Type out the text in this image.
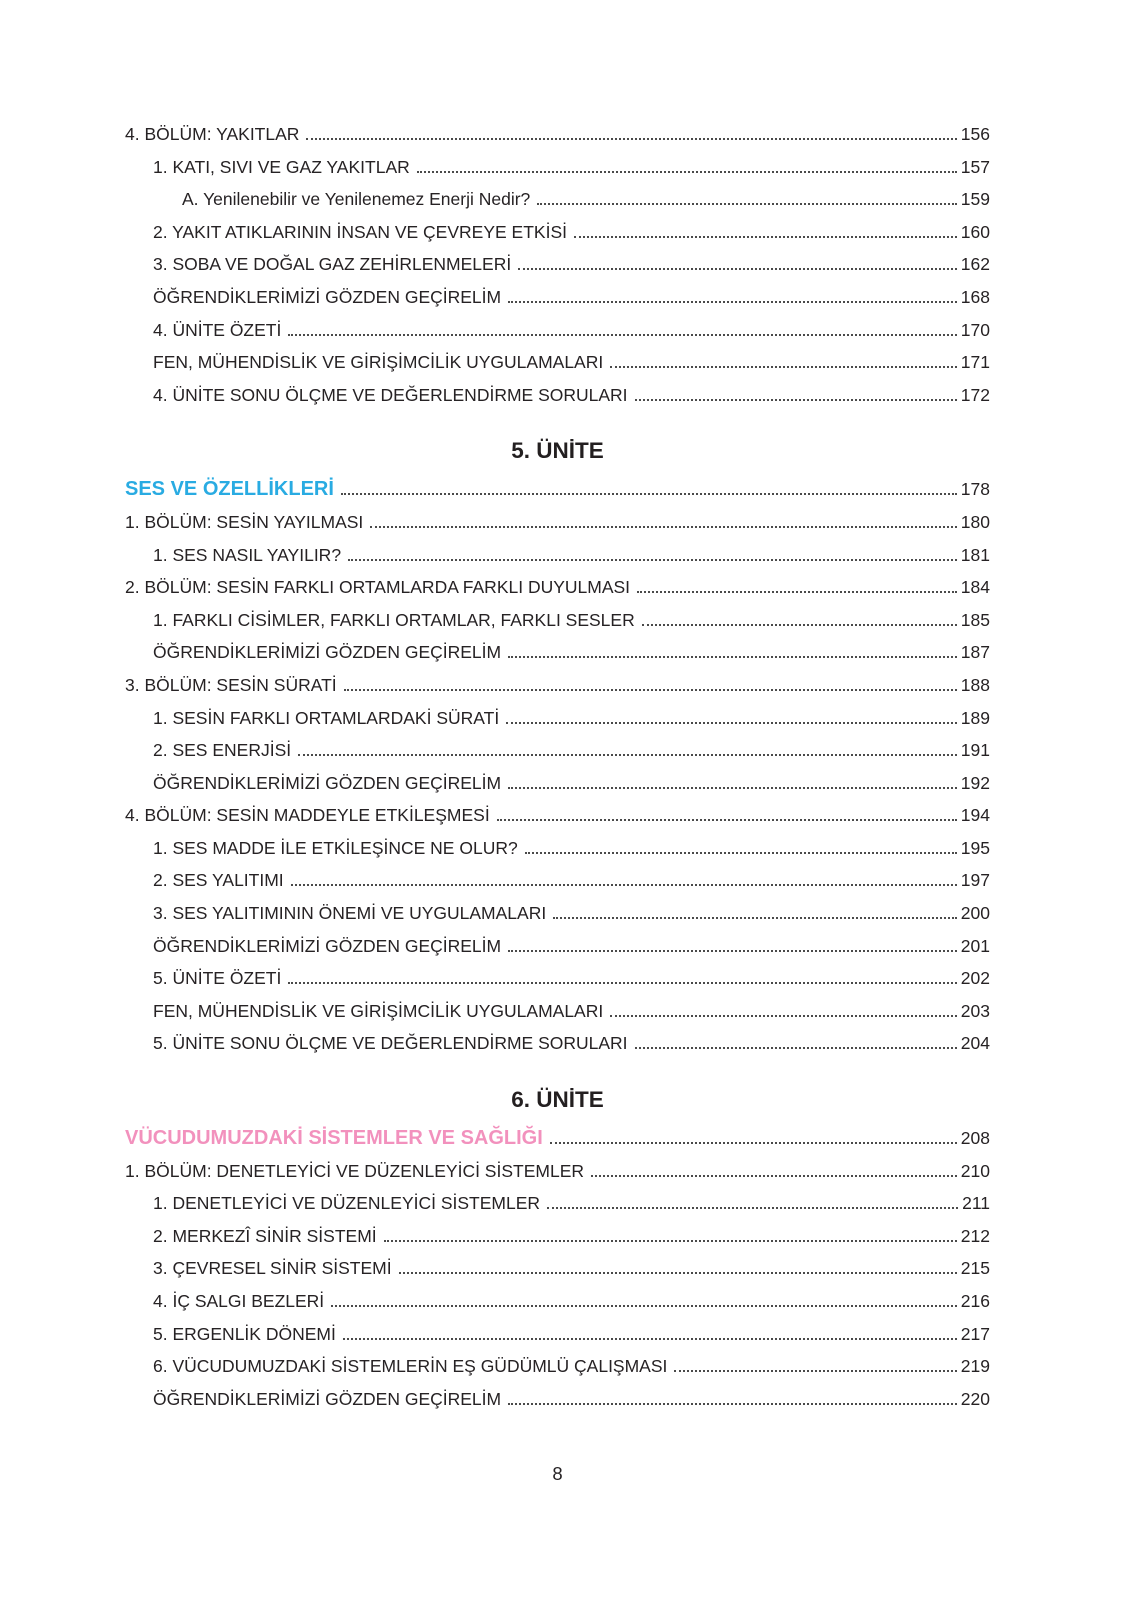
4. BÖLÜM: YAKITLAR	156
1. KATI, SIVI VE GAZ YAKITLAR	157
A. Yenilenebilir ve Yenilenemez Enerji Nedir?	159
2. YAKIT ATIKLARININ İNSAN VE ÇEVREYE ETKİSİ	160
3. SOBA VE DOĞAL GAZ ZEHİRLENMELERİ	162
ÖĞRENDİKLERİMİZİ GÖZDEN GEÇİRELİM	168
4. ÜNİTE ÖZETİ	170
FEN, MÜHENDİSLİK VE GİRİŞİMCİLİK UYGULAMALARI	171
4. ÜNİTE SONU ÖLÇME VE DEĞERLENDİRME SORULARI	172
5. ÜNİTE
SES VE ÖZELLİKLERİ	178
1. BÖLÜM: SESİN YAYILMASI	180
1. SES NASIL YAYILIR?	181
2. BÖLÜM: SESİN FARKLI ORTAMLARDA FARKLI DUYULMASI	184
1. FARKLI CİSİMLER, FARKLI ORTAMLAR, FARKLI SESLER	185
ÖĞRENDİKLERİMİZİ GÖZDEN GEÇİRELİM	187
3. BÖLÜM: SESİN SÜRATİ	188
1. SESİN FARKLI ORTAMLARDAKİ SÜRATİ	189
2. SES ENERJİSİ	191
ÖĞRENDİKLERİMİZİ GÖZDEN GEÇİRELİM	192
4. BÖLÜM: SESİN MADDEYLE ETKİLEŞMESİ	194
1. SES MADDE İLE ETKİLEŞİNCE NE OLUR?	195
2. SES YALITIMI	197
3. SES YALITIMININ ÖNEMİ VE UYGULAMALARI	200
ÖĞRENDİKLERİMİZİ GÖZDEN GEÇİRELİM	201
5. ÜNİTE ÖZETİ	202
FEN, MÜHENDİSLİK VE GİRİŞİMCİLİK UYGULAMALARI	203
5. ÜNİTE SONU ÖLÇME VE DEĞERLENDİRME SORULARI	204
6. ÜNİTE
VÜCUDUMUZDAKİ SİSTEMLER VE SAĞLIĞI	208
1. BÖLÜM: DENETLEYİCİ VE DÜZENLEYİCİ SİSTEMLER	210
1. DENETLEYİCİ VE DÜZENLEYİCİ SİSTEMLER	211
2. MERKEZÎ SİNİR SİSTEMİ	212
3. ÇEVRESEL SİNİR SİSTEMİ	215
4. İÇ SALGI BEZLERİ	216
5. ERGENLİK DÖNEMİ	217
6. VÜCUDUMUZDAKİ SİSTEMLERİN EŞ GÜDÜMLÜ ÇALIŞMASI	219
ÖĞRENDİKLERİMİZİ GÖZDEN GEÇİRELİM	220
8
